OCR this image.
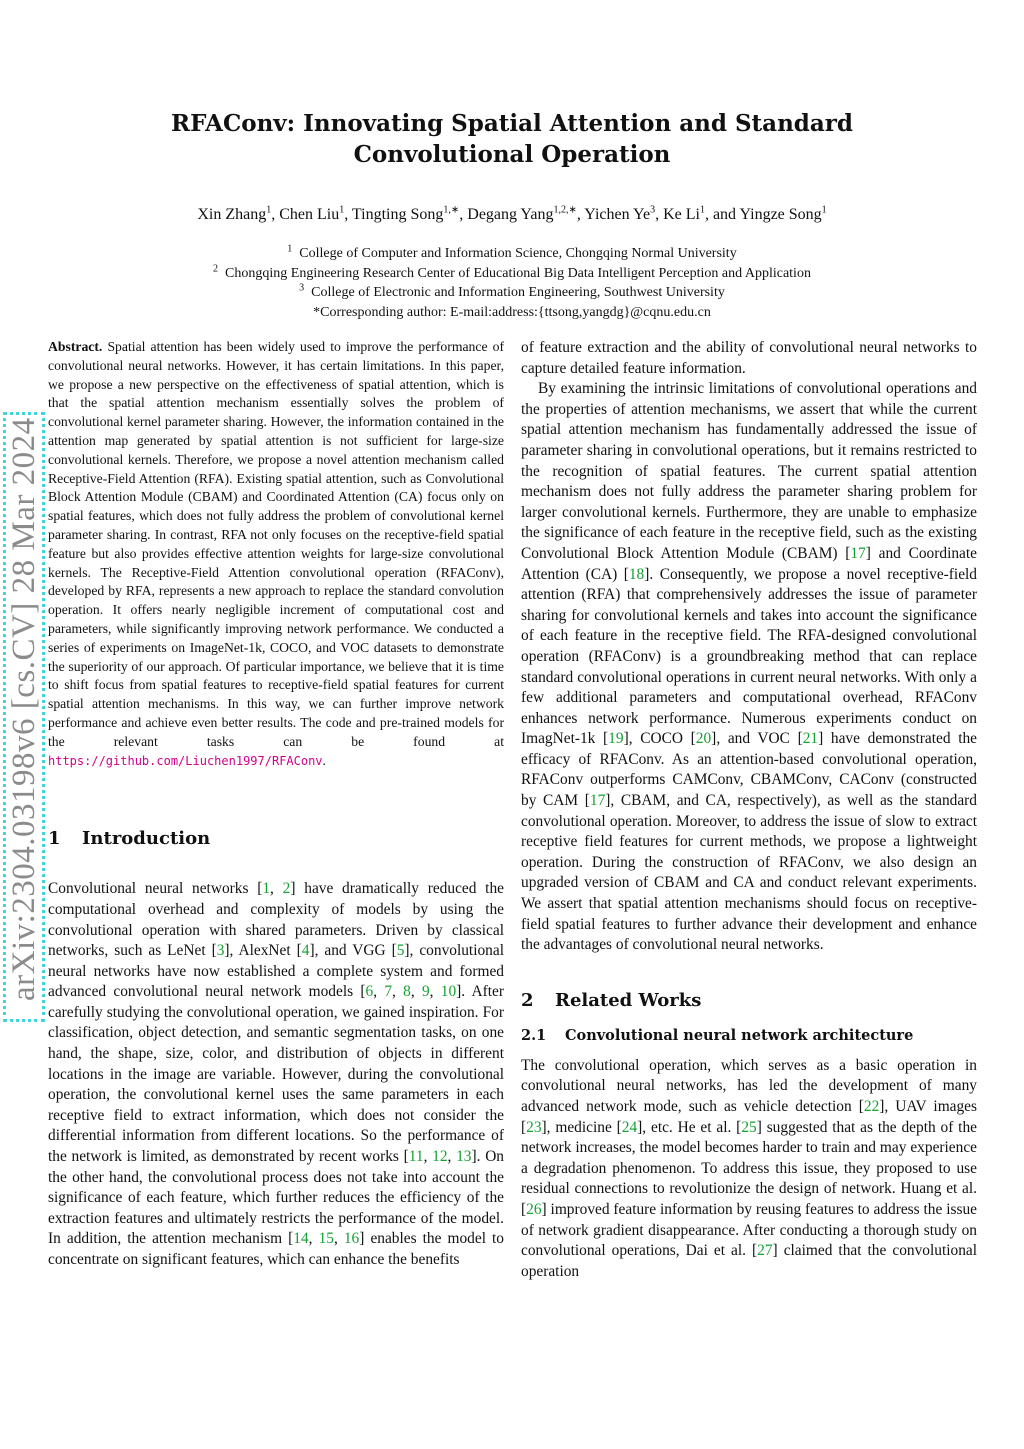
RFAConv: Innovating Spatial Attention and Standard Convolutional Operation
Xin Zhang$^1$, Chen Liu$^1$, Tingting Song$^{1,∗}$, Degang Yang$^{1,2,∗}$, Yichen Ye$^3$, Ke Li$^1$, and Yingze Song$^1$
$^1$ College of Computer and Information Science, Chongqing Normal University
$^2$ Chongqing Engineering Research Center of Educational Big Data Intelligent Perception and Application
$^3$ College of Electronic and Information Engineering, Southwest University
*Corresponding author: E-mail:address:{ttsong,yangdg}@cqnu.edu.cn
arXiv:2304.03198v6 [cs.CV] 28 Mar 2024

Abstract. Spatial attention has been widely used to improve the performance of convolutional neural networks. However, it has certain limitations. In this paper, we propose a new perspective on the effectiveness of spatial attention, which is that the spatial attention mechanism essentially solves the problem of convolutional kernel parameter sharing. However, the information contained in the attention map generated by spatial attention is not sufficient for large-size convolutional kernels. Therefore, we propose a novel attention mechanism called Receptive-Field Attention (RFA). Existing spatial attention, such as Convolutional Block Attention Module (CBAM) and Coordinated Attention (CA) focus only on spatial features, which does not fully address the problem of convolutional kernel parameter sharing. In contrast, RFA not only focuses on the receptive-field spatial feature but also provides effective attention weights for large-size convolutional kernels. The Receptive-Field Attention convolutional operation (RFAConv), developed by RFA, represents a new approach to replace the standard convolution operation. It offers nearly negligible increment of computational cost and parameters, while significantly improving network performance. We conducted a series of experiments on ImageNet-1k, COCO, and VOC datasets to demonstrate the superiority of our approach. Of particular importance, we believe that it is time to shift focus from spatial features to receptive-field spatial features for current spatial attention mechanisms. In this way, we can further improve network performance and achieve even better results. The code and pre-trained models for the relevant tasks can be found at https://github.com/Liuchen1997/RFAConv.

1 Introduction

Convolutional neural networks [1, 2] have dramatically reduced the computational overhead and complexity of models by using the convolutional operation with shared parameters. Driven by classical networks, such as LeNet [3], AlexNet [4], and VGG [5], convolutional neural networks have now established a complete system and formed advanced convolutional neural network models [6, 7, 8, 9, 10]. After carefully studying the convolutional operation, we gained inspiration. For classification, object detection, and semantic segmentation tasks, on one hand, the shape, size, color, and distribution of objects in different locations in the image are variable. However, during the convolutional operation, the convolutional kernel uses the same parameters in each receptive field to extract information, which does not consider the differential information from different locations. So the performance of the network is limited, as demonstrated by recent works [11, 12, 13]. On the other hand, the convolutional process does not take into account the significance of each feature, which further reduces the efficiency of the extraction features and ultimately restricts the performance of the model. In addition, the attention mechanism [14, 15, 16] enables the model to concentrate on significant features, which can enhance the benefits

of feature extraction and the ability of convolutional neural networks to capture detailed feature information.

By examining the intrinsic limitations of convolutional operations and the properties of attention mechanisms, we assert that while the current spatial attention mechanism has fundamentally addressed the issue of parameter sharing in convolutional operations, but it remains restricted to the recognition of spatial features. The current spatial attention mechanism does not fully address the parameter sharing problem for larger convolutional kernels. Furthermore, they are unable to emphasize the significance of each feature in the receptive field, such as the existing Convolutional Block Attention Module (CBAM) [17] and Coordinate Attention (CA) [18]. Consequently, we propose a novel receptive-field attention (RFA) that comprehensively addresses the issue of parameter sharing for convolutional kernels and takes into account the significance of each feature in the receptive field. The RFA-designed convolutional operation (RFAConv) is a groundbreaking method that can replace standard convolutional operations in current neural networks. With only a few additional parameters and computational overhead, RFAConv enhances network performance. Numerous experiments conduct on ImagNet-1k [19], COCO [20], and VOC [21] have demonstrated the efficacy of RFAConv. As an attention-based convolutional operation, RFAConv outperforms CAMConv, CBAMConv, CAConv (constructed by CAM [17], CBAM, and CA, respectively), as well as the standard convolutional operation. Moreover, to address the issue of slow to extract receptive field features for current methods, we propose a lightweight operation. During the construction of RFAConv, we also design an upgraded version of CBAM and CA and conduct relevant experiments. We assert that spatial attention mechanisms should focus on receptive-field spatial features to further advance their development and enhance the advantages of convolutional neural networks.

2 Related Works
2.1 Convolutional neural network architecture

The convolutional operation, which serves as a basic operation in convolutional neural networks, has led the development of many advanced network mode, such as vehicle detection [22], UAV images [23], medicine [24], etc. He et al. [25] suggested that as the depth of the network increases, the model becomes harder to train and may experience a degradation phenomenon. To address this issue, they proposed to use residual connections to revolutionize the design of network. Huang et al. [26] improved feature information by reusing features to address the issue of network gradient disappearance. After conducting a thorough study on convolutional operations, Dai et al. [27] claimed that the convolutional operation
